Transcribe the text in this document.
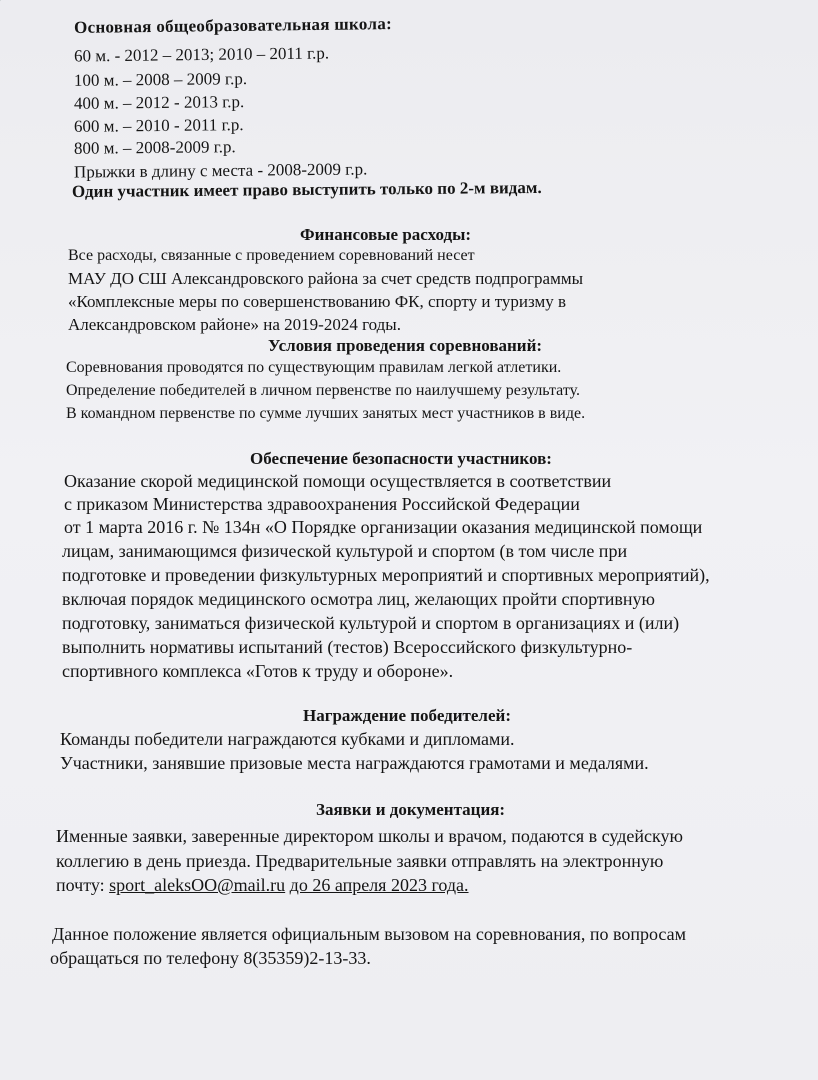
Основная общеобразовательная школа:
60 м. - 2012 – 2013; 2010 – 2011 г.р.
100 м. – 2008 – 2009 г.р.
400 м. – 2012 - 2013 г.р.
600 м. – 2010 - 2011 г.р.
800 м. – 2008-2009 г.р.
Прыжки в длину с места - 2008-2009 г.р.
Один участник имеет право выступить только по 2-м видам.
Финансовые расходы:
Все расходы, связанные с проведением соревнований несет
МАУ ДО СШ Александровского района за счет средств подпрограммы
«Комплексные меры по совершенствованию ФК, спорту и туризму в
Александровском районе» на 2019-2024 годы.
Условия проведения соревнований:
Соревнования проводятся по существующим правилам легкой атлетики.
Определение победителей в личном первенстве по наилучшему результату.
В командном первенстве по сумме лучших занятых мест участников в виде.
Обеспечение безопасности участников:
Оказание скорой медицинской помощи осуществляется в соответствии
с приказом Министерства здравоохранения Российской Федерации
от 1 марта 2016 г. № 134н «О Порядке организации оказания медицинской помощи
лицам, занимающимся физической культурой и спортом (в том числе при
подготовке и проведении физкультурных мероприятий и спортивных мероприятий),
включая порядок медицинского осмотра лиц, желающих пройти спортивную
подготовку, заниматься физической культурой и спортом в организациях и (или)
выполнить нормативы испытаний (тестов) Всероссийского физкультурно-
спортивного комплекса «Готов к труду и обороне».
Награждение победителей:
Команды победители награждаются кубками и дипломами.
Участники, занявшие призовые места награждаются грамотами и медалями.
Заявки и документация:
Именные заявки, заверенные директором школы и врачом, подаются в судейскую
коллегию в день приезда. Предварительные заявки отправлять на электронную
почту: sport_aleksOO@mail.ru до 26 апреля 2023 года.
Данное положение является официальным вызовом на соревнования, по вопросам
обращаться по телефону 8(35359)2-13-33.
